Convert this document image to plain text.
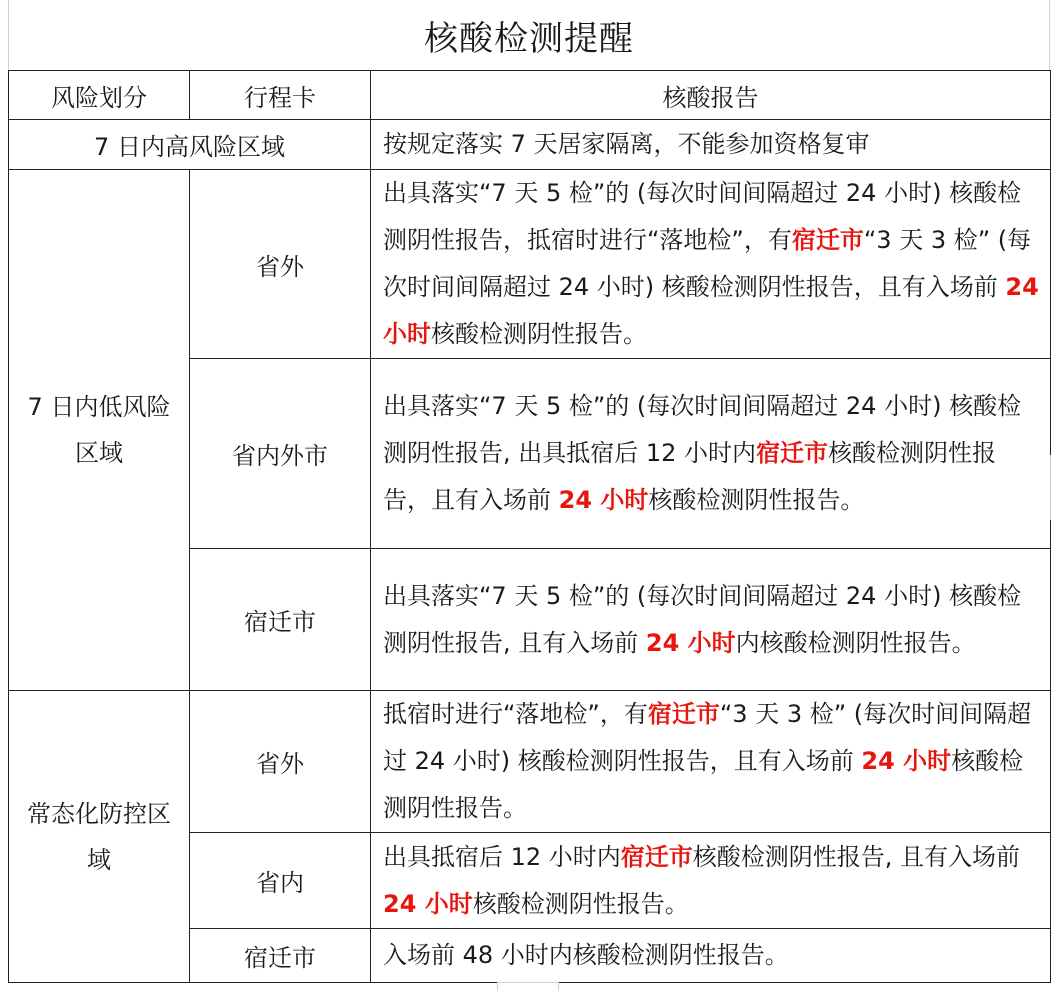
核酸检测提醒
风险划分	行程卡	核酸报告
7 日内高风险区域		按规定落实 7 天居家隔离，不能参加资格复审
7 日内低风险区域	省外	出具落实“7 天 5 检”的 (每次时间间隔超过 24 小时) 核酸检测阴性报告，抵宿时进行“落地检”，有宿迁市“3 天 3 检” (每次时间间隔超过 24 小时) 核酸检测阴性报告，且有入场前 24 小时核酸检测阴性报告。
	省内外市	出具落实“7 天 5 检”的 (每次时间间隔超过 24 小时) 核酸检测阴性报告, 出具抵宿后 12 小时内宿迁市核酸检测阴性报告，且有入场前 24 小时核酸检测阴性报告。
	宿迁市	出具落实“7 天 5 检”的 (每次时间间隔超过 24 小时) 核酸检测阴性报告, 且有入场前 24 小时内核酸检测阴性报告。
常态化防控区域	省外	抵宿时进行“落地检”，有宿迁市“3 天 3 检” (每次时间间隔超过 24 小时) 核酸检测阴性报告，且有入场前 24 小时核酸检测阴性报告。
	省内	出具抵宿后 12 小时内宿迁市核酸检测阴性报告, 且有入场前 24 小时核酸检测阴性报告。
	宿迁市	入场前 48 小时内核酸检测阴性报告。
